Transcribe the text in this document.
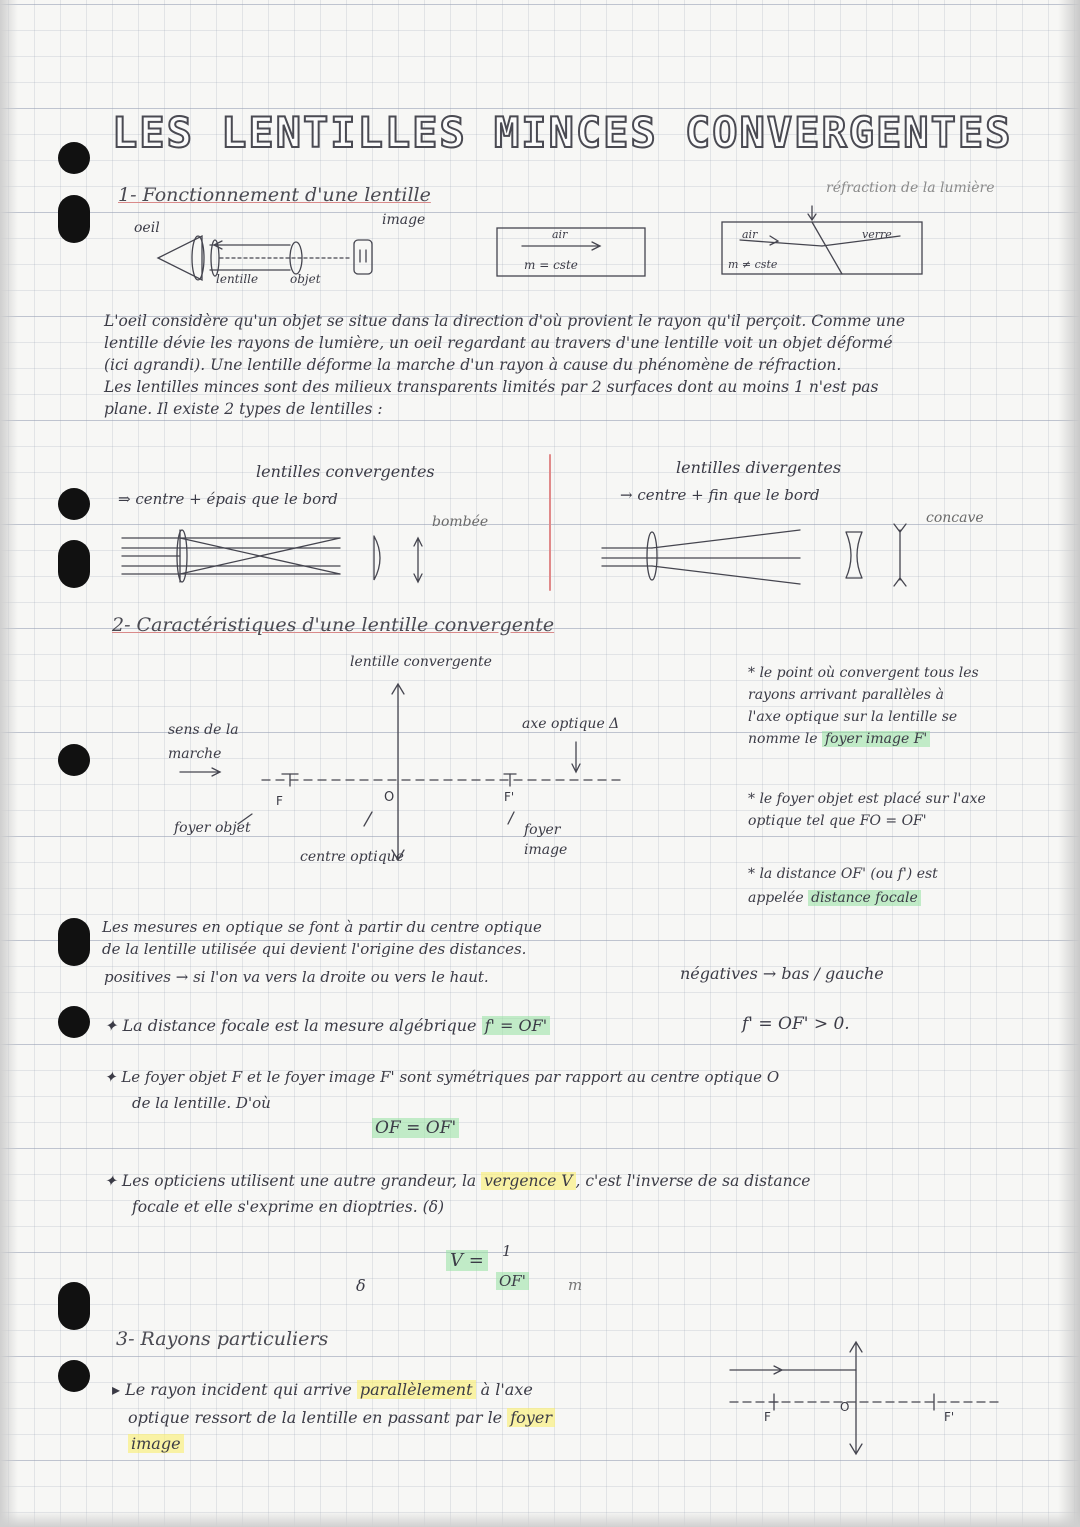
LES LENTILLES MINCES CONVERGENTES
1- Fonctionnement d'une lentille
oeil	image
lentille	objet
air
m = cste
réfraction de la lumière
air	verre
m ≠ cste
L'oeil considère qu'un objet se situe dans la direction d'où provient le rayon qu'il perçoit. Comme une
lentille dévie les rayons de lumière, un oeil regardant au travers d'une lentille voit un objet déformé
(ici agrandi). Une lentille déforme la marche d'un rayon à cause du phénomène de réfraction.
Les lentilles minces sont des milieux transparents limités par 2 surfaces dont au moins 1 n'est pas
plane. Il existe 2 types de lentilles :
lentilles convergentes
⇒ centre + épais que le bord
bombée
lentilles divergentes
→ centre + fin que le bord
concave
2- Caractéristiques d'une lentille convergente
lentille convergente
sens de la marche
axe optique Δ
F	O	F'
foyer objet
centre optique
foyer image
* le point où convergent tous les
rayons arrivant parallèles à
l'axe optique sur la lentille se
nomme le foyer image F'
* le foyer objet est placé sur l'axe
optique tel que FO = OF'
* la distance OF' (ou f') est
appelée distance focale
Les mesures en optique se font à partir du centre optique
de la lentille utilisée qui devient l'origine des distances.
positives → si l'on va vers la droite ou vers le haut.	négatives → bas / gauche
✦ La distance focale est la mesure algébrique f' = OF'	f' = OF' > 0.
✦ Le foyer objet F et le foyer image F' sont symétriques par rapport au centre optique O
de la lentille. D'où
OF = OF'
✦ Les opticiens utilisent une autre grandeur, la vergence V , c'est l'inverse de sa distance
focale et elle s'exprime en dioptries. (δ)
δ
V = 1
OF'	m
3- Rayons particuliers
▸ Le rayon incident qui arrive parallèlement à l'axe
optique ressort de la lentille en passant par le foyer
image
F
O
F'
